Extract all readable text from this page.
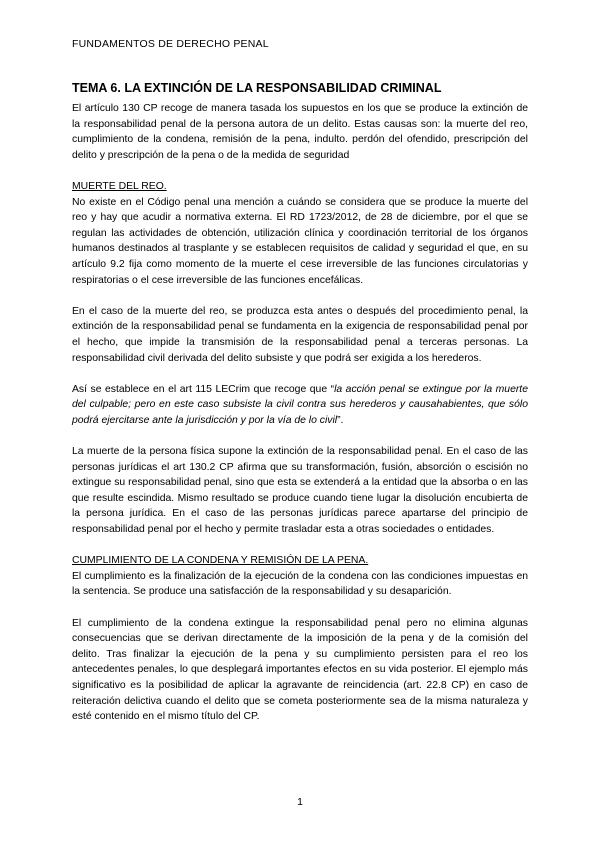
FUNDAMENTOS DE DERECHO PENAL
TEMA 6. LA EXTINCIÓN DE LA RESPONSABILIDAD CRIMINAL

El artículo 130 CP recoge de manera tasada los supuestos en los que se produce la extinción de la responsabilidad penal de la persona autora de un delito. Estas causas son: la muerte del reo, cumplimiento de la condena, remisión de la pena, indulto. perdón del ofendido, prescripción del delito y prescripción de la pena o de la medida de seguridad

MUERTE DEL REO.

No existe en el Código penal una mención a cuándo se considera que se produce la muerte del reo y hay que acudir a normativa externa. El RD 1723/2012, de 28 de diciembre, por el que se regulan las actividades de obtención, utilización clínica y coordinación territorial de los órganos humanos destinados al trasplante y se establecen requisitos de calidad y seguridad el que, en su artículo 9.2 fija como momento de la muerte el cese irreversible de las funciones circulatorias y respiratorias o el cese irreversible de las funciones encefálicas.

En el caso de la muerte del reo, se produzca esta antes o después del procedimiento penal, la extinción de la responsabilidad penal se fundamenta en la exigencia de responsabilidad penal por el hecho, que impide la transmisión de la responsabilidad penal a terceras personas. La responsabilidad civil derivada del delito subsiste y que podrá ser exigida a los herederos.

Así se establece en el art 115 LECrim que recoge que “la acción penal se extingue por la muerte del culpable; pero en este caso subsiste la civil contra sus herederos y causahabientes, que sólo podrá ejercitarse ante la jurisdicción y por la vía de lo civil”.

La muerte de la persona física supone la extinción de la responsabilidad penal. En el caso de las personas jurídicas el art 130.2 CP afirma que su transformación, fusión, absorción o escisión no extingue su responsabilidad penal, sino que esta se extenderá a la entidad que la absorba o en las que resulte escindida. Mismo resultado se produce cuando tiene lugar la disolución encubierta de la persona jurídica. En el caso de las personas jurídicas parece apartarse del principio de responsabilidad penal por el hecho y permite trasladar esta a otras sociedades o entidades.

CUMPLIMIENTO DE LA CONDENA Y REMISIÓN DE LA PENA.

El cumplimiento es la finalización de la ejecución de la condena con las condiciones impuestas en la sentencia. Se produce una satisfacción de la responsabilidad y su desaparición.

El cumplimiento de la condena extingue la responsabilidad penal pero no elimina algunas consecuencias que se derivan directamente de la imposición de la pena y de la comisión del delito. Tras finalizar la ejecución de la pena y su cumplimiento persisten para el reo los antecedentes penales, lo que desplegará importantes efectos en su vida posterior. El ejemplo más significativo es la posibilidad de aplicar la agravante de reincidencia (art. 22.8 CP) en caso de reiteración delictiva cuando el delito que se cometa posteriormente sea de la misma naturaleza y esté contenido en el mismo título del CP.

1
